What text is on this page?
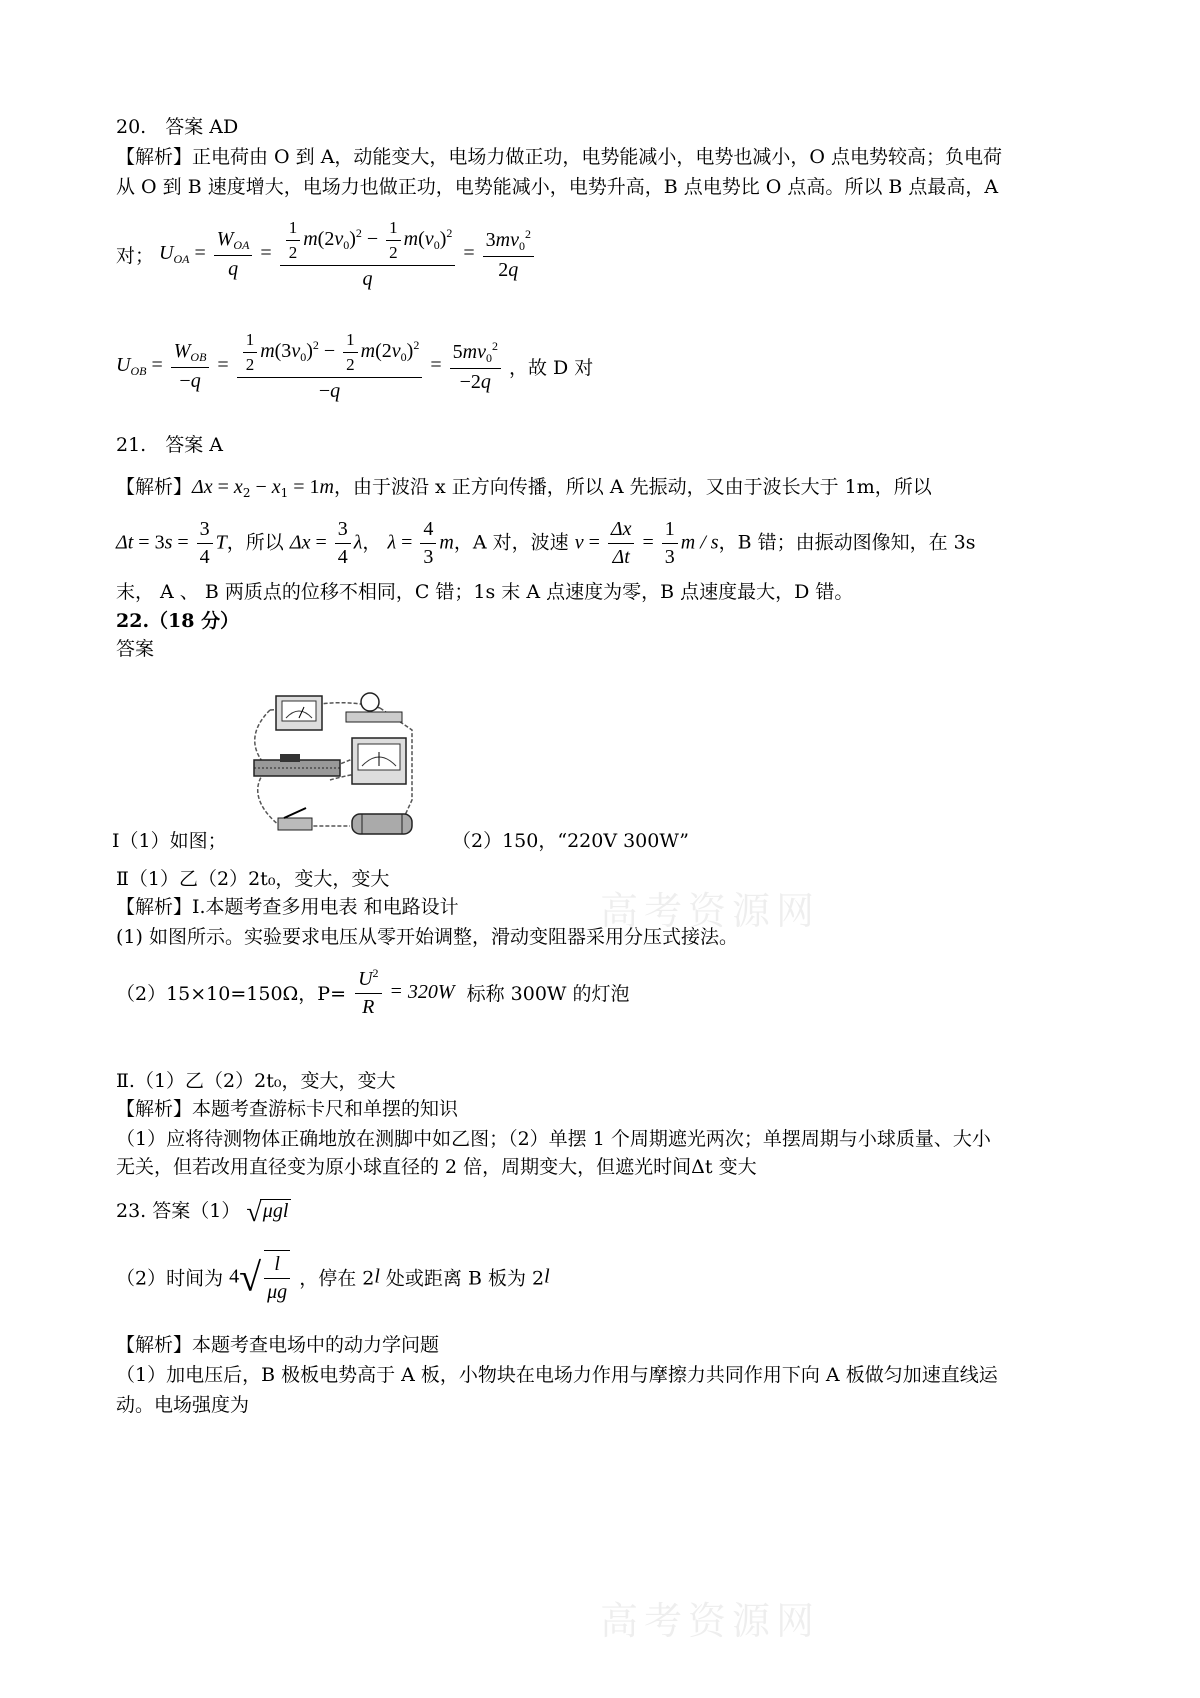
20.　答案 AD
【解析】正电荷由 O 到 A，动能变大，电场力做正功，电势能减小，电势也减小，O 点电势较高；负电荷
从 O 到 B 速度增大，电场力也做正功，电势能减小，电势升高，B 点电势比 O 点高。所以 B 点最高，A
对； $U_{OA} = \frac{W_{OA}}{q} = \frac{\frac{1}{2} m(2v_0)^2 - \frac{1}{2} m(v_0)^2}{q} = \frac{3mv_0^2}{2q}$
$U_{OB} = \frac{W_{OB}}{-q} = \frac{\frac{1}{2} m(3v_0)^2 - \frac{1}{2} m(2v_0)^2}{-q} = \frac{5mv_0^2}{-2q}$ ，故 D 对
21.　答案 A
【解析】$\Delta x = x_2 - x_1 = 1m$，由于波沿 x 正方向传播，所以 A 先振动，又由于波长大于 1m，所以
$\Delta t = 3s = \frac{3}{4}$ T，所以 $\Delta x = \frac{3}{4}$ λ， $\lambda = \frac{4}{3}$ m，A 对，波速 $v = \frac{\Delta x}{\Delta t} = \frac{1}{3}$ m / s，B 错；由振动图像知，在 3s
末， A 、 B 两质点的位移不相同，C 错；1s 末 A 点速度为零，B 点速度最大，D 错。
22.（18 分）
答案
Ⅰ（1）如图；	（2）150，“220V 300W”
Ⅱ（1）乙（2）2t₀，变大，变大
【解析】Ⅰ.本题考查多用电表 和电路设计
(1) 如图所示。实验要求电压从零开始调整，滑动变阻器采用分压式接法。
（2）15×10=150Ω，$P= \frac{U^2}{R} = 320W$ 标称 300W 的灯泡
Ⅱ.（1）乙（2）2t₀，变大，变大
【解析】本题考查游标卡尺和单摆的知识
（1）应将待测物体正确地放在测脚中如乙图；（2）单摆 1 个周期遮光两次；单摆周期与小球质量、大小
无关，但若改用直径变为原小球直径的 2 倍，周期变大，但遮光时间Δt 变大
23. 答案（1） √μgl
（2）时间为 $4√ \frac{l}{\mu g}$ ，停在 2l 处或距离 B 板为 2l
【解析】本题考查电场中的动力学问题
（1）加电压后，B 极板电势高于 A 板，小物块在电场力作用与摩擦力共同作用下向 A 板做匀加速直线运
动。电场强度为
高考资源网
高考资源网
